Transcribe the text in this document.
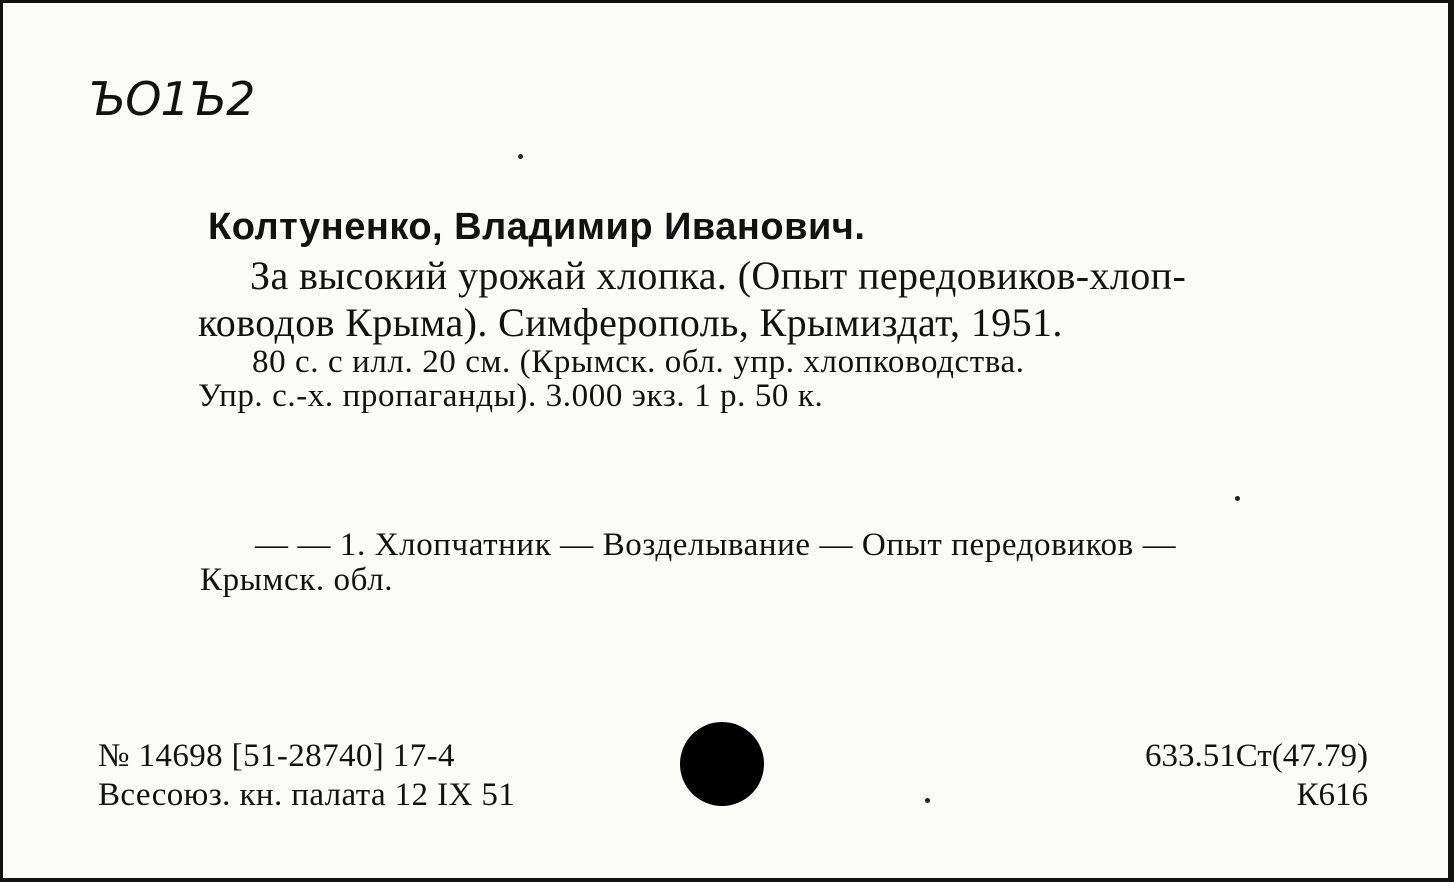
ЪО1Ъ2
Колтуненко, Владимир Иванович.
За высокий урожай хлопка. (Опыт передовиков-хлоп-
ководов Крыма). Симферополь, Крымиздат, 1951.
80 с. с илл. 20 см. (Крымск. обл. упр. хлопководства.
Упр. с.-х. пропаганды). 3.000 экз. 1 р. 50 к.
— — 1. Хлопчатник — Возделывание — Опыт передовиков —
Крымск. обл.
№ 14698 [51-28740] 17-4
Всесоюз. кн. палата 12 IX 51
633.51Ст(47.79)
К616
